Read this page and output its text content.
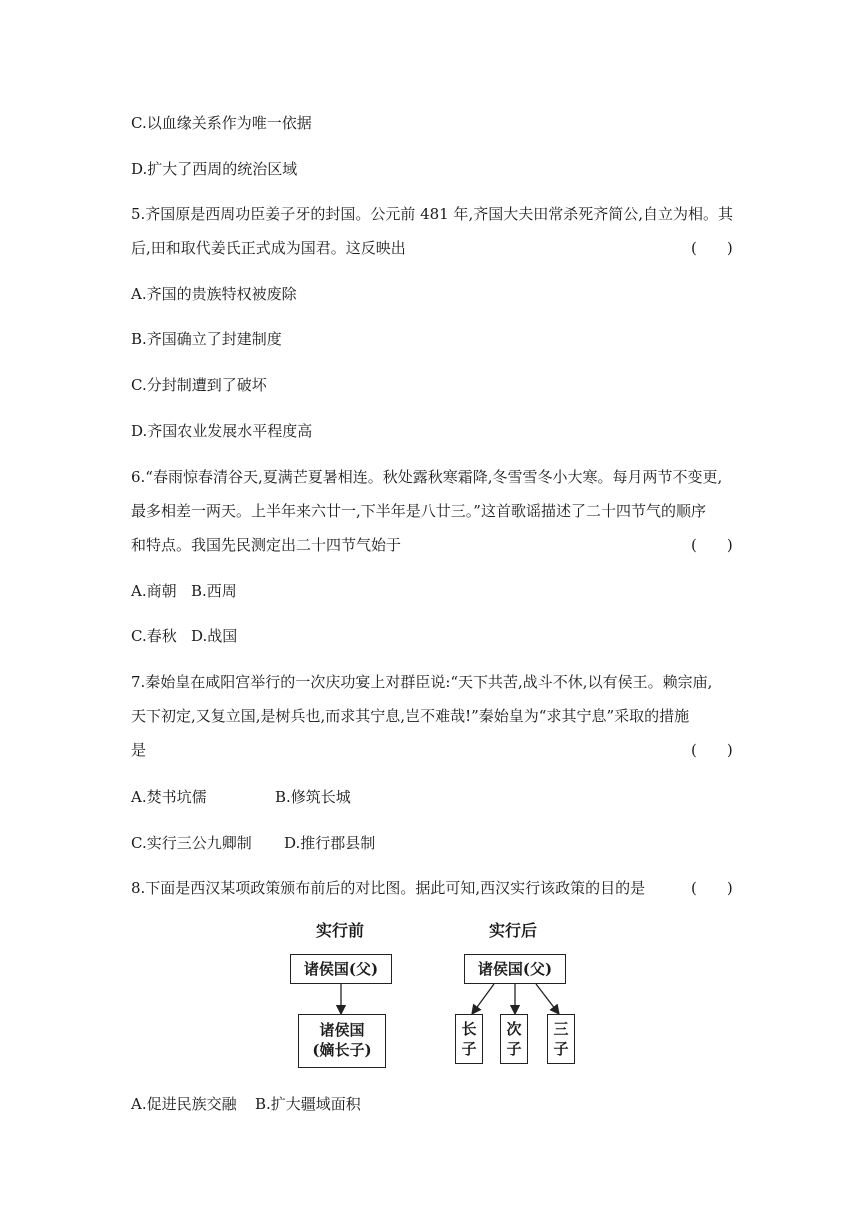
C.以血缘关系作为唯一依据
D.扩大了西周的统治区域
5.齐国原是西周功臣姜子牙的封国。公元前 481 年,齐国大夫田常杀死齐简公,自立为相。其
后,田和取代姜氏正式成为国君。这反映出	(　　)
A.齐国的贵族特权被废除
B.齐国确立了封建制度
C.分封制遭到了破坏
D.齐国农业发展水平程度高
6.“春雨惊春清谷天,夏满芒夏暑相连。秋处露秋寒霜降,冬雪雪冬小大寒。每月两节不变更,
最多相差一两天。上半年来六廿一,下半年是八廿三。”这首歌谣描述了二十四节气的顺序
和特点。我国先民测定出二十四节气始于	(　　)
A.商朝 B.西周
C.春秋 D.战国
7.秦始皇在咸阳宫举行的一次庆功宴上对群臣说:“天下共苦,战斗不休,以有侯王。赖宗庙,
天下初定,又复立国,是树兵也,而求其宁息,岂不难哉!”秦始皇为“求其宁息”采取的措施
是	(　　)
A.焚书坑儒	B.修筑长城
C.实行三公九卿制 D.推行郡县制
8.下面是西汉某项政策颁布前后的对比图。据此可知,西汉实行该政策的目的是	(　　)
实行前	实行后
诸侯国(父)
诸侯国
(嫡长子)
诸侯国(父)
长
子
次
子
三
子
A.促进民族交融 B.扩大疆域面积
